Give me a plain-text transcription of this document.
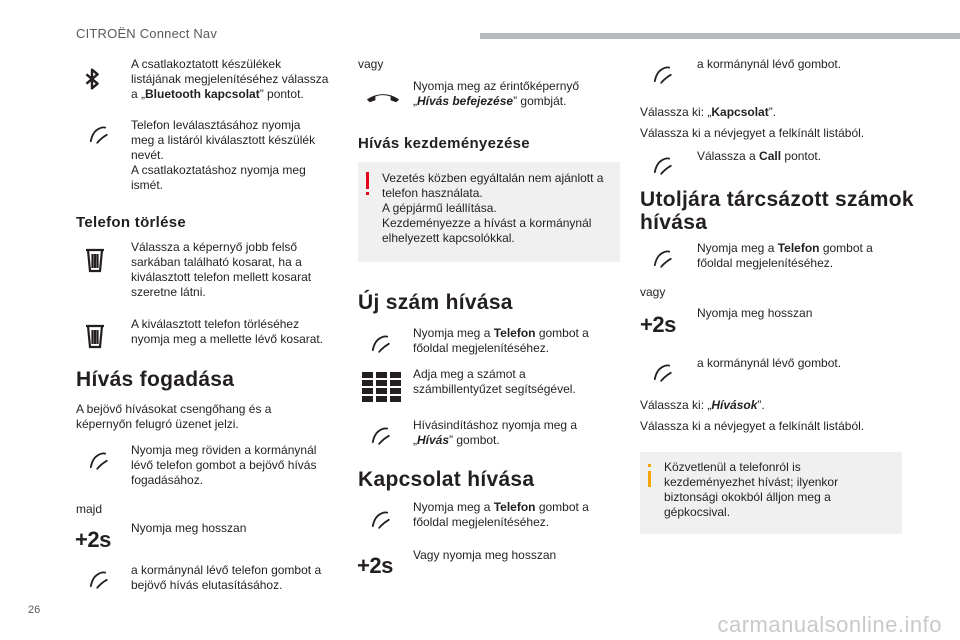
CITROËN Connect Nav
26
carmanualsonline.info
A csatlakoztatott készülékek
listájának megjelenítéséhez válassza
a „Bluetooth kapcsolat” pontot.
Telefon leválasztásához nyomja
meg a listáról kiválasztott készülék
nevét.
A csatlakoztatáshoz nyomja meg
ismét.
Telefon törlése
Válassza a képernyő jobb felső
sarkában található kosarat, ha a
kiválasztott telefon mellett kosarat
szeretne látni.
A kiválasztott telefon törléséhez
nyomja meg a mellette lévő kosarat.
Hívás fogadása
A bejövő hívásokat csengőhang és a
képernyőn felugró üzenet jelzi.
Nyomja meg röviden a kormánynál
lévő telefon gombot a bejövő hívás
fogadásához.
majd
+2s	Nyomja meg hosszan
a kormánynál lévő telefon gombot a
bejövő hívás elutasításához.
vagy
Nyomja meg az érintőképernyő
„Hívás befejezése” gombját.
Hívás kezdeményezése
Vezetés közben egyáltalán nem ajánlott a
telefon használata.
A gépjármű leállítása.
Kezdeményezze a hívást a kormánynál
elhelyezett kapcsolókkal.
Új szám hívása
Nyomja meg a Telefon gombot a
főoldal megjelenítéséhez.
Adja meg a számot a
számbillentyűzet segítségével.
Hívásindításhoz nyomja meg a
„Hívás” gombot.
Kapcsolat hívása
Nyomja meg a Telefon gombot a
főoldal megjelenítéséhez.
+2s	Vagy nyomja meg hosszan
a kormánynál lévő gombot.
Válassza ki: „Kapcsolat”.
Válassza ki a névjegyet a felkínált listából.
Válassza a Call pontot.
Utoljára tárcsázott számok
hívása
Nyomja meg a Telefon gombot a
főoldal megjelenítéséhez.
vagy
+2s	Nyomja meg hosszan
a kormánynál lévő gombot.
Válassza ki: „Hívások”.
Válassza ki a névjegyet a felkínált listából.
Közvetlenül a telefonról is
kezdeményezhet hívást; ilyenkor
biztonsági okokból álljon meg a
gépkocsival.
